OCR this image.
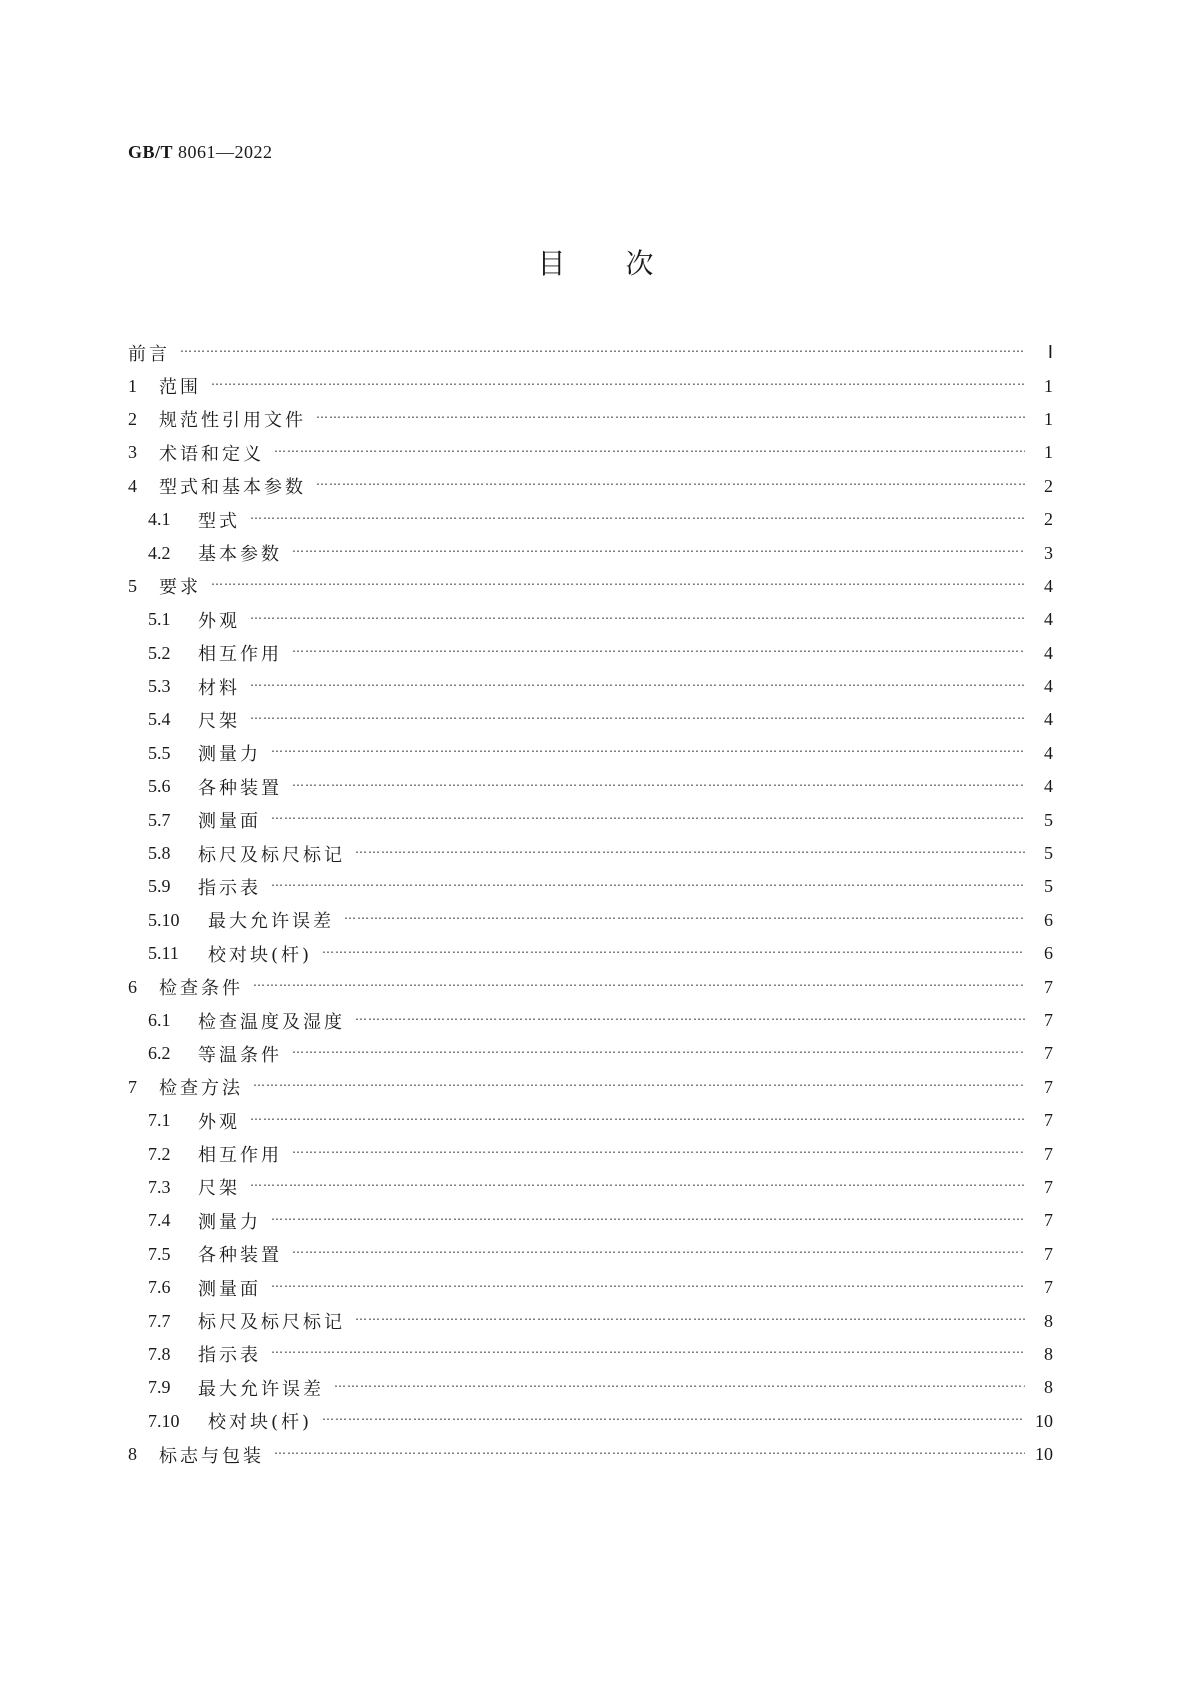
GB/T 8061—2022
目次
前言 …………………………………………………………………………………………………………………………………………………………………………………………………………………………………………………………	Ⅰ
1	范围 …………………………………………………………………………………………………………………………………………………………………………………………………………………………………………………………	1
2	规范性引用文件 …………………………………………………………………………………………………………………………………………………………………………………………………………………………………………………………	1
3	术语和定义 …………………………………………………………………………………………………………………………………………………………………………………………………………………………………………………………	1
4	型式和基本参数 …………………………………………………………………………………………………………………………………………………………………………………………………………………………………………………………	2
4.1	型式 …………………………………………………………………………………………………………………………………………………………………………………………………………………………………………………………	2
4.2	基本参数 …………………………………………………………………………………………………………………………………………………………………………………………………………………………………………………………	3
5	要求 …………………………………………………………………………………………………………………………………………………………………………………………………………………………………………………………	4
5.1	外观 …………………………………………………………………………………………………………………………………………………………………………………………………………………………………………………………	4
5.2	相互作用 …………………………………………………………………………………………………………………………………………………………………………………………………………………………………………………………	4
5.3	材料 …………………………………………………………………………………………………………………………………………………………………………………………………………………………………………………………	4
5.4	尺架 …………………………………………………………………………………………………………………………………………………………………………………………………………………………………………………………	4
5.5	测量力 …………………………………………………………………………………………………………………………………………………………………………………………………………………………………………………………	4
5.6	各种装置 …………………………………………………………………………………………………………………………………………………………………………………………………………………………………………………………	4
5.7	测量面 …………………………………………………………………………………………………………………………………………………………………………………………………………………………………………………………	5
5.8	标尺及标尺标记 …………………………………………………………………………………………………………………………………………………………………………………………………………………………………………………………	5
5.9	指示表 …………………………………………………………………………………………………………………………………………………………………………………………………………………………………………………………	5
5.10	最大允许误差 …………………………………………………………………………………………………………………………………………………………………………………………………………………………………………………………	6
5.11	校对块(杆) …………………………………………………………………………………………………………………………………………………………………………………………………………………………………………………………	6
6	检查条件 …………………………………………………………………………………………………………………………………………………………………………………………………………………………………………………………	7
6.1	检查温度及湿度 …………………………………………………………………………………………………………………………………………………………………………………………………………………………………………………………	7
6.2	等温条件 …………………………………………………………………………………………………………………………………………………………………………………………………………………………………………………………	7
7	检查方法 …………………………………………………………………………………………………………………………………………………………………………………………………………………………………………………………	7
7.1	外观 …………………………………………………………………………………………………………………………………………………………………………………………………………………………………………………………	7
7.2	相互作用 …………………………………………………………………………………………………………………………………………………………………………………………………………………………………………………………	7
7.3	尺架 …………………………………………………………………………………………………………………………………………………………………………………………………………………………………………………………	7
7.4	测量力 …………………………………………………………………………………………………………………………………………………………………………………………………………………………………………………………	7
7.5	各种装置 …………………………………………………………………………………………………………………………………………………………………………………………………………………………………………………………	7
7.6	测量面 …………………………………………………………………………………………………………………………………………………………………………………………………………………………………………………………	7
7.7	标尺及标尺标记 …………………………………………………………………………………………………………………………………………………………………………………………………………………………………………………………	8
7.8	指示表 …………………………………………………………………………………………………………………………………………………………………………………………………………………………………………………………	8
7.9	最大允许误差 …………………………………………………………………………………………………………………………………………………………………………………………………………………………………………………………	8
7.10	校对块(杆) …………………………………………………………………………………………………………………………………………………………………………………………………………………………………………………………	10
8	标志与包装 …………………………………………………………………………………………………………………………………………………………………………………………………………………………………………………………	10
